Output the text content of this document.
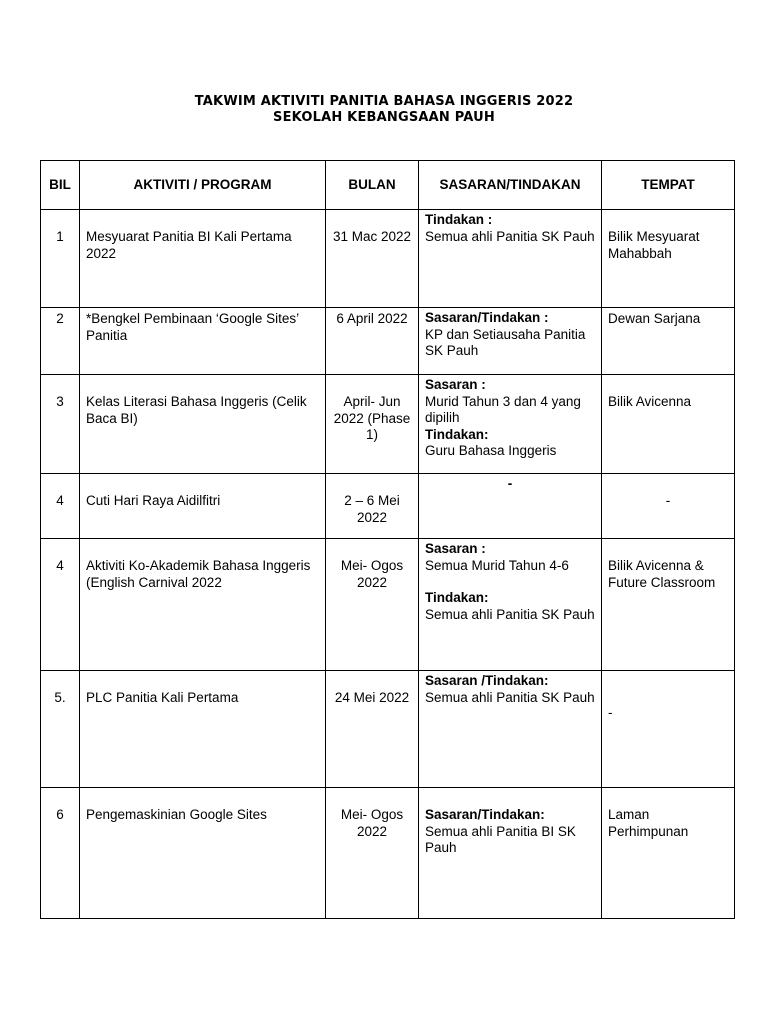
TAKWIM AKTIVITI PANITIA BAHASA INGGERIS 2022
SEKOLAH KEBANGSAAN PAUH
BIL	AKTIVITI / PROGRAM	BULAN	SASARAN/TINDAKAN	TEMPAT
1	Mesyuarat Panitia BI Kali Pertama 2022	31 Mac 2022	Tindakan :
Semua ahli Panitia SK Pauh	Bilik Mesyuarat Mahabbah
2	*Bengkel Pembinaan ‘Google Sites’ Panitia	6 April 2022	Sasaran/Tindakan :
KP dan Setiausaha Panitia SK Pauh	Dewan Sarjana
3	Kelas Literasi Bahasa Inggeris (Celik Baca BI)	April- Jun 2022 (Phase 1)	Sasaran :
Murid Tahun 3 dan 4 yang dipilih
Tindakan:
Guru Bahasa Inggeris	Bilik Avicenna
4	Cuti Hari Raya Aidilfitri	2 – 6 Mei 2022	-	-
4	Aktiviti Ko-Akademik Bahasa Inggeris (English Carnival 2022	Mei- Ogos 2022	Sasaran :
Semua Murid Tahun 4-6
Tindakan:
Semua ahli Panitia SK Pauh	Bilik Avicenna & Future Classroom
5.	PLC Panitia Kali Pertama	24 Mei 2022	Sasaran /Tindakan:
Semua ahli Panitia SK Pauh	-
6	Pengemaskinian Google Sites	Mei- Ogos 2022	Sasaran/Tindakan:
Semua ahli Panitia BI SK Pauh	Laman Perhimpunan
